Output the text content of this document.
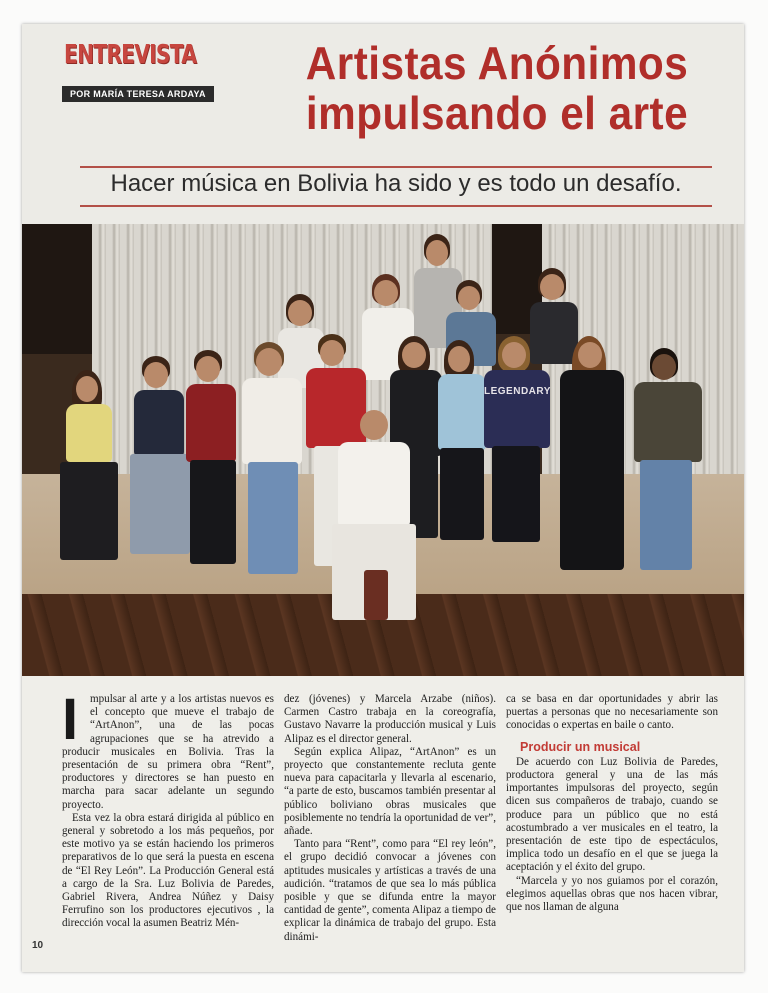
ENTREVISTA
POR MARÍA TERESA ARDAYA
Artistas Anónimos impulsando el arte
Hacer música en Bolivia ha sido y es todo un desafío.
LEGENDARY

I	mpulsar al arte y a los artistas nuevos es el concepto que mueve el trabajo de “ArtAnon”, una de las pocas agrupaciones que se ha atrevido a producir musicales en Bolivia. Tras la presentación de su primera obra “Rent”, productores y directores se han puesto en marcha para sacar adelante un segundo proyecto.

Esta vez la obra estará dirigida al público en general y sobretodo a los más pequeños, por este motivo ya se están haciendo los primeros preparativos de lo que será la puesta en escena de “El Rey León”. La Producción General está a cargo de la Sra. Luz Bolivia de Paredes, Gabriel Rivera, Andrea Núñez y Daisy Ferrufino son los productores ejecutivos , la dirección vocal la asumen Beatriz Mén-

dez (jóvenes) y Marcela Arzabe (niños). Carmen Castro trabaja en la coreografía, Gustavo Navarre la producción musical y Luis Alipaz es el director general.

Según explica Alipaz, “ArtAnon” es un proyecto que constantemente recluta gente nueva para capacitarla y llevarla al escenario, “a parte de esto, buscamos también presentar al público boliviano obras musicales que posiblemente no tendría la oportunidad de ver”, añade.

Tanto para “Rent”, como para “El rey león”, el grupo decidió convocar a jóvenes con aptitudes musicales y artísticas a través de una audición. “tratamos de que sea lo más pública posible y que se difunda entre la mayor cantidad de gente”, comenta Alipaz a tiempo de explicar la dinámica de trabajo del grupo. Esta dinámi-

ca se basa en dar oportunidades y abrir las puertas a personas que no necesariamente son conocidas o expertas en baile o canto.

Producir un musical

De acuerdo con Luz Bolivia de Paredes, productora general y una de las más importantes impulsoras del proyecto, según dicen sus compañeros de trabajo, cuando se produce para un público que no está acostumbrado a ver musicales en el teatro, la presentación de este tipo de espectáculos, implica todo un desafío en el que se juega la aceptación y el éxito del grupo.

“Marcela y yo nos guiamos por el corazón, elegimos aquellas obras que nos hacen vibrar, que nos llaman de alguna

10
